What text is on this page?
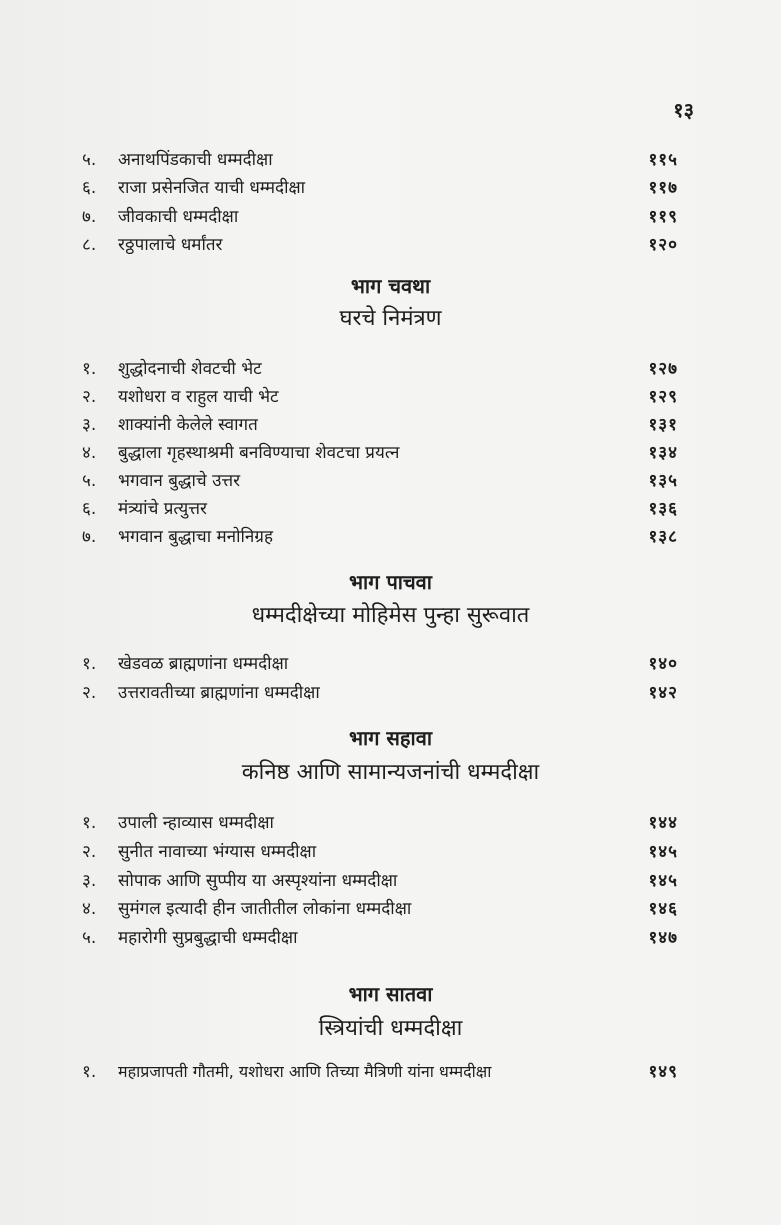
१३
५. अनाथपिंडकाची धम्मदीक्षा	११५
६. राजा प्रसेनजित याची धम्मदीक्षा	११७
७. जीवकाची धम्मदीक्षा	११९
८. रठ्ठपालाचे धर्मांतर	१२०
भाग चवथा
घरचे निमंत्रण
१. शुद्धोदनाची शेवटची भेट	१२७
२. यशोधरा व राहुल याची भेट	१२९
३. शाक्यांनी केलेले स्वागत	१३१
४. बुद्धाला गृहस्थाश्रमी बनविण्याचा शेवटचा प्रयत्न	१३४
५. भगवान बुद्धाचे उत्तर	१३५
६. मंत्र्यांचे प्रत्युत्तर	१३६
७. भगवान बुद्धाचा मनोनिग्रह	१३८
भाग पाचवा
धम्मदीक्षेच्या मोहिमेस पुन्हा सुरूवात
१. खेडवळ ब्राह्मणांना धम्मदीक्षा	१४०
२. उत्तरावतीच्या ब्राह्मणांना धम्मदीक्षा	१४२
भाग सहावा
कनिष्ठ आणि सामान्यजनांची धम्मदीक्षा
१. उपाली न्हाव्यास धम्मदीक्षा	१४४
२. सुनीत नावाच्या भंग्यास धम्मदीक्षा	१४५
३. सोपाक आणि सुप्पीय या अस्पृश्यांना धम्मदीक्षा	१४५
४. सुमंगल इत्यादी हीन जातीतील लोकांना धम्मदीक्षा	१४६
५. महारोगी सुप्रबुद्धाची धम्मदीक्षा	१४७
भाग सातवा
स्त्रियांची धम्मदीक्षा
१. महाप्रजापती गौतमी, यशोधरा आणि तिच्या मैत्रिणी यांना धम्मदीक्षा	१४९
